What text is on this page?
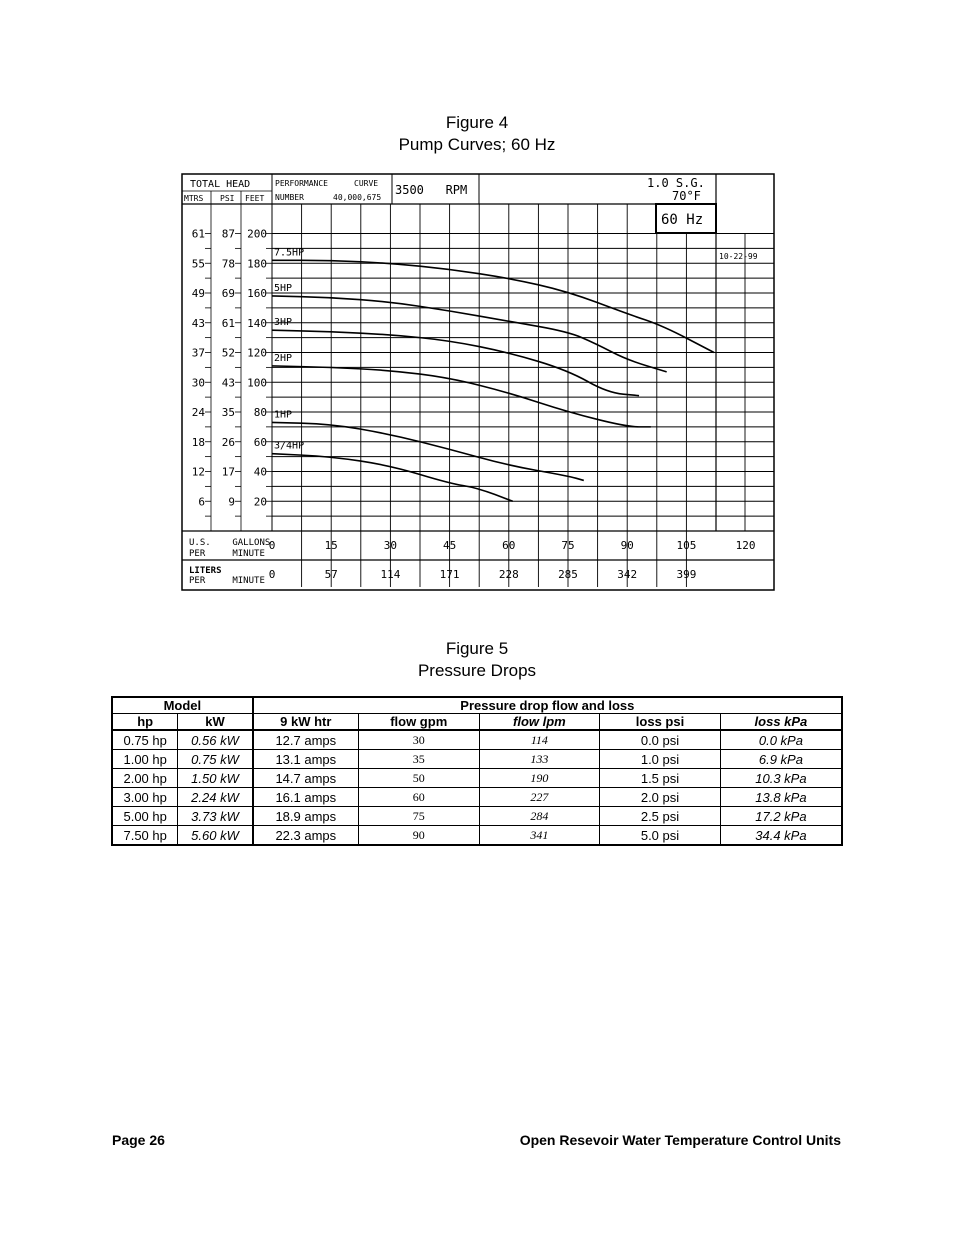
Figure 4
Pump Curves; 60 Hz
7.5HP
5HP
3HP
2HP
1HP
3/4HP
200
87
61
180
78
55
160
69
49
140
61
43
120
52
37
100
43
30
80
35
24
60
26
18
40
17
12
20
9
6
0	15	30	45	60	75	90	105	120
0	57	114	171	228	285	342	399
TOTAL HEAD
MTRS PSI FEET
PERFORMANCE	CURVE
NUMBER	40,000,675
3500   RPM	1.0 S.G.
70°F
60 Hz
10-22-99
U.S.    GALLONS
PER     MINUTE
LITERS
PER     MINUTE
Figure 5
Pressure Drops
Model		Pressure drop flow and loss				
hp	kW	9 kW htr	flow gpm	flow lpm	loss psi	loss kPa
0.75 hp	0.56 kW	12.7 amps	30	114	0.0 psi	0.0 kPa
1.00 hp	0.75 kW	13.1 amps	35	133	1.0 psi	6.9 kPa
2.00 hp	1.50 kW	14.7 amps	50	190	1.5 psi	10.3 kPa
3.00 hp	2.24 kW	16.1 amps	60	227	2.0 psi	13.8 kPa
5.00 hp	3.73 kW	18.9 amps	75	284	2.5 psi	17.2 kPa
7.50 hp	5.60 kW	22.3 amps	90	341	5.0 psi	34.4 kPa
Page 26	Open Resevoir Water Temperature Control Units
